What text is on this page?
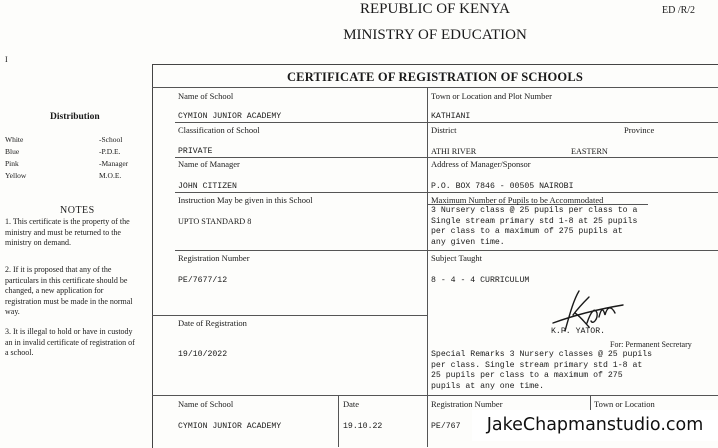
REPUBLIC OF KENYA
MINISTRY OF EDUCATION
ED /R/2
I
Distribution
White	-School
Blue	-P.D.E.
Pink	-Manager
Yellow	M.O.E.
NOTES
1. This certificate is the property of the ministry and must be returned to the ministry on demand.
2. If it is proposed that any of the particulars in this certificate should be changed, a new application for registration must be made in the normal way.
3. It is illegal to hold or have in custody an in invalid certificate of registration of a school.
CERTIFICATE OF REGISTRATION OF SCHOOLS
Name of School
CYMION JUNIOR ACADEMY
Town or Location and Plot Number
KATHIANI
Classification of School
PRIVATE
District	Province
ATHI RIVER	EASTERN
Name of Manager
JOHN CITIZEN
Address of Manager/Sponsor
P.O. BOX 7846 - 00505 NAIROBI
Instruction May be given in this School
UPTO STANDARD 8
Maximum Number of Pupils to be Accommodated
3 Nursery class @ 25 pupils per class to a
Single stream primary std 1-8 at 25 pupils
per class to a maximum of 275 pupils at
any given time.
Registration Number
PE/7677/12
Subject Taught
8 - 4 - 4 CURRICULUM
K.P. YATOR.
For: Permanent Secretary
Date of Registration
19/10/2022	Special Remarks 3 Nursery classes @ 25 pupils
per class. Single stream primary std 1-8 at
25 pupils per class to a maximum of 275
pupils at any one time.
Name of School
CYMION JUNIOR ACADEMY
Date
19.10.22
Registration Number
PE/767
Town or Location
JakeChapmanstudio.com
